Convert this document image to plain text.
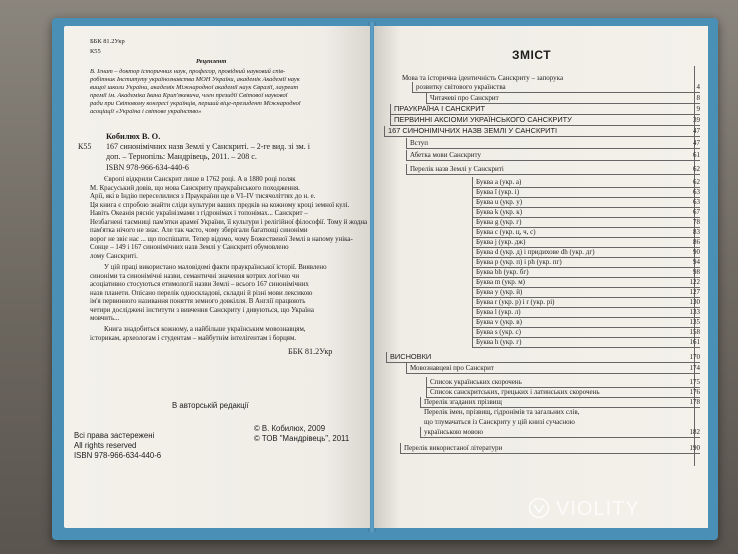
ББК 81.2Укр
К55
Рецензент
В. Ігнат – доктор історичних наук, професор, провідний науковий спів-
робітник Інституту українознавства МОН України, академік Академії наук
вищої школи України, академік Міжнародної академії наук Євразії, лауреат
премії ім. Академіка Івана Крип'якевича, член президії Світової наукової
ради при Світовому конгресі українців, перший віце-президент Міжнародної
асоціації «Україна і світове українство»
Кобилюх В. О.
К55 167 синонімічних назв Землі у Санскриті. – 2-ге вид. зі зм. і
доп. – Тернопіль: Мандрівець, 2011. – 208 с.
ISBN 978-966-634-440-6
Європі відкрили Санскрит лише в 1762 році. А в 1880 році поляк
М. Красуський довів, що мова Санскриту праукраїнського походження.
Арії, які в Індію переселилися з Праукраїни ще в VI–IV тисячоліттях до н. е.
Ця книга є спробою знайти сліди культури ваших предків на кожному кроці земної кулі.
Навіть Океанія рясніє українізмами з гідронімах і топонімах... Санскрит –
Незбагнені таємниці пам'ятки арамеї України, її культури і релігійної філософії. Тому й жодна
пам'ятка нічого не знає. Але так часто, чому зберігали багатющі синоніми
ворог не звіє нас ... що поспішати. Тепер відомо, чому Божественої Землі в напому уніка-
Сонце – 149 і 167 синонімічних назв Землі у Санскриті обумовлено
лому Санскриті.
У цій праці використано маловідомі факти праукраїнської історії. Виявлено
синоніми та синонімічні назви, семантичні значення котрих логічно чи
асоціативно стосуються етимології назви Землі – всього 167 синонімічних
назв планети. Опісано перелік односкладові, складні й різні мови лексикою
ім'я первинного називання поняття земного довкілля. В Англії працюють
четири досліджені інститути з вивчення Санскриту і дивуються, що Україна
мовчить...
Книга знадобиться кожному, а найбільше українським мовознавцям,
історикам, археологам і студентам – майбутнім інтелігентам і борцям.
ББК 81.2Укр
В авторській редакції
Всі права застережені
All rights reserved
ISBN 978-966-634-440-6
© В. Кобилюх, 2009
© ТОВ "Мандрівець", 2011
ЗМІСТ
Мова та історична ідентичність Санскриту – запорука
розвитку світового українства	4
Читачеві про Санскрит	8
ПРАУКРАЇНА І САНСКРИТ	9
ПЕРВИННІ АКСІОМИ УКРАЇНСЬКОГО САНСКРИТУ	39
167 СИНОНІМІЧНИХ НАЗВ ЗЕМЛІ У САНСКРИТІ	47
Вступ	47
Абетка мови Санскриту	61
Перелік назв Землі у Санскриті	62
Буква a (укр. а)	62
Буква ī (укр. і)	63
Буква u (укр. у)	63
Буква k (укр. к)	67
Буква g (укр. г)	78
Буква c (укр. ц, ч, с)	83
Буква j (укр. дж)	86
Буква d (укр. д) і придихове dh (укр. дг)	90
Буква p (укр. п) і ph (укр. пг)	94
Буква bh (укр. бг)	98
Буква m (укр. м)	122
Буква y (укр. й)	127
Буква r (укр. р) і r (укр. рі)	130
Буква l (укр. л)	133
Буква v (укр. в)	135
Буква s (укр. с)	158
Буква h (укр. г)	161
ВИСНОВКИ	170
Мовознавцеві про Санскрит	174
Список українських скорочень	175
Список санскритських, грецьких і латинських скорочень	176
Перелік згаданих прізвищ	178
Перелік імен, прізвищ, гідронімів та загальних слів,
що тлумачаться із Санскриту у цій книзі сучасною
українською мовою	182
Перелік використаної літератури	190
VIOLITY
